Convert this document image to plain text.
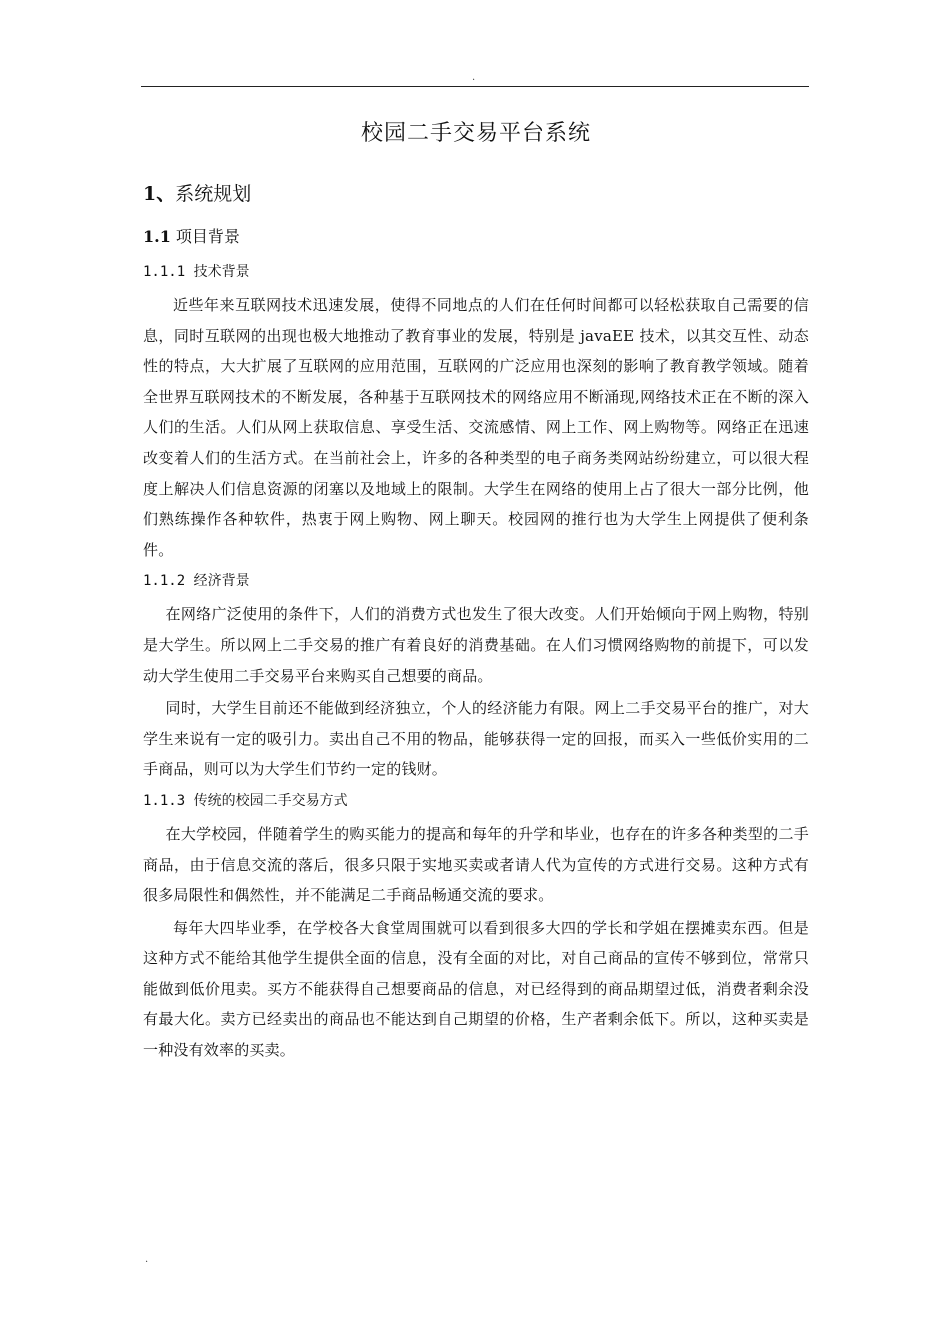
.
校园二手交易平台系统
1、系统规划
1.1 项目背景
1.1.1 技术背景

近些年来互联网技术迅速发展，使得不同地点的人们在任何时间都可以轻松获取自己需要的信息，同时互联网的出现也极大地推动了教育事业的发展，特别是 javaEE 技术，以其交互性、动态性的特点，大大扩展了互联网的应用范围，互联网的广泛应用也深刻的影响了教育教学领域。随着全世界互联网技术的不断发展，各种基于互联网技术的网络应用不断涌现,网络技术正在不断的深入人们的生活。人们从网上获取信息、享受生活、交流感情、网上工作、网上购物等。网络正在迅速改变着人们的生活方式。在当前社会上，许多的各种类型的电子商务类网站纷纷建立，可以很大程度上解决人们信息资源的闭塞以及地域上的限制。大学生在网络的使用上占了很大一部分比例，他们熟练操作各种软件，热衷于网上购物、网上聊天。校园网的推行也为大学生上网提供了便利条件。

1.1.2 经济背景

在网络广泛使用的条件下，人们的消费方式也发生了很大改变。人们开始倾向于网上购物，特别是大学生。所以网上二手交易的推广有着良好的消费基础。在人们习惯网络购物的前提下，可以发动大学生使用二手交易平台来购买自己想要的商品。

同时，大学生目前还不能做到经济独立，个人的经济能力有限。网上二手交易平台的推广，对大学生来说有一定的吸引力。卖出自己不用的物品，能够获得一定的回报，而买入一些低价实用的二手商品，则可以为大学生们节约一定的钱财。

1.1.3 传统的校园二手交易方式

在大学校园，伴随着学生的购买能力的提高和每年的升学和毕业，也存在的许多各种类型的二手商品，由于信息交流的落后，很多只限于实地买卖或者请人代为宣传的方式进行交易。这种方式有很多局限性和偶然性，并不能满足二手商品畅通交流的要求。

每年大四毕业季，在学校各大食堂周围就可以看到很多大四的学长和学姐在摆摊卖东西。但是这种方式不能给其他学生提供全面的信息，没有全面的对比，对自己商品的宣传不够到位，常常只能做到低价甩卖。买方不能获得自己想要商品的信息，对已经得到的商品期望过低，消费者剩余没有最大化。卖方已经卖出的商品也不能达到自己期望的价格，生产者剩余低下。所以，这种买卖是一种没有效率的买卖。

.
